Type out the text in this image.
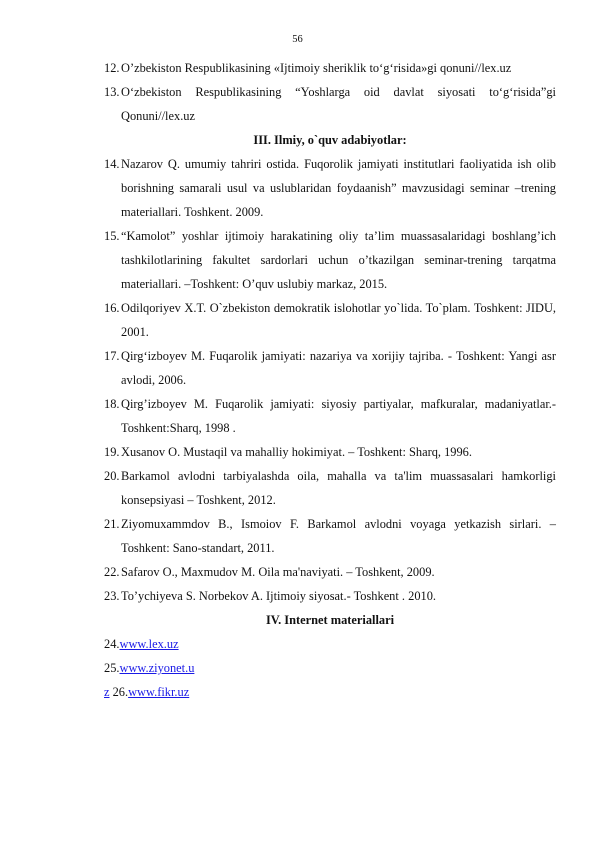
56
12. O’zbekiston Respublikasining «Ijtimoiy sheriklik to‘g‘risida»gi qonuni//lex.uz
13. O‘zbekiston Respublikasining “Yoshlarga oid davlat siyosati to‘g‘risida”gi Qonuni//lex.uz
III. Ilmiy, o`quv adabiyotlar:
14. Nazarov Q. umumiy tahriri ostida. Fuqorolik jamiyati institutlari faoliyatida ish olib borishning samarali usul va uslublaridan foydaanish” mavzusidagi seminar –trening materiallari. Toshkent. 2009.
15. “Kamolot” yoshlar ijtimoiy harakatining oliy ta’lim muassasalaridagi boshlang’ich tashkilotlarining fakultet sardorlari uchun o’tkazilgan seminar-trening tarqatma materiallari. –Toshkent: O’quv uslubiy markaz, 2015.
16. Odilqoriyev X.T. O`zbekiston demokratik islohotlar yo`lida. To`plam. Toshkent: JIDU, 2001.
17. Qirg‘izboyev M. Fuqarolik jamiyati: nazariya va xorijiy tajriba. - Toshkent: Yangi asr avlodi, 2006.
18. Qirg’izboyev M. Fuqarolik jamiyati: siyosiy partiyalar, mafkuralar, madaniyatlar.-Toshkent:Sharq, 1998 .
19. Xusanov O. Mustaqil va mahalliy hokimiyat. – Toshkent: Sharq, 1996.
20. Barkamol avlodni tarbiyalashda oila, mahalla va ta'lim muassasalari hamkorligi konsepsiyasi – Toshkent, 2012.
21. Ziyomuxammdov B., Ismoiov F. Barkamol avlodni voyaga yetkazish sirlari. –Toshkent: Sano-standart, 2011.
22. Safarov O., Maxmudov M. Oila ma'naviyati. – Toshkent, 2009.
23. To’ychiyeva S. Norbekov A. Ijtimoiy siyosat.- Toshkent . 2010.
IV. Internet materiallari
24.www.lex.uz
25.www.ziyonet.u
z 26.www.fikr.uz
